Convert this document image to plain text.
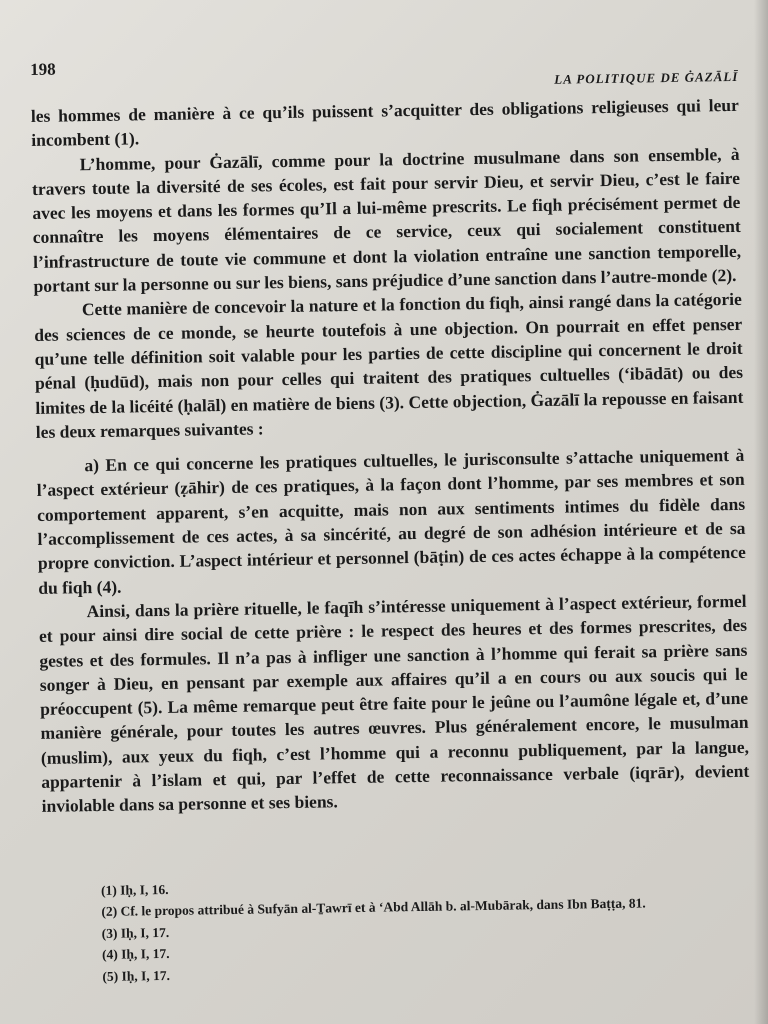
198	LA POLITIQUE DE ĠAZĀLĪ

les hommes de manière à ce qu’ils puissent s’acquitter des obligations religieuses qui leur incombent (1).

L’homme, pour Ġazālī, comme pour la doctrine musulmane dans son ensemble, à travers toute la diversité de ses écoles, est fait pour servir Dieu, et servir Dieu, c’est le faire avec les moyens et dans les formes qu’Il a lui-même prescrits. Le fiqh précisément permet de connaître les moyens élémentaires de ce service, ceux qui socialement constituent l’infrastructure de toute vie commune et dont la violation entraîne une sanction temporelle, portant sur la personne ou sur les biens, sans préjudice d’une sanction dans l’autre-monde (2).

Cette manière de concevoir la nature et la fonction du fiqh, ainsi rangé dans la catégorie des sciences de ce monde, se heurte toutefois à une objection. On pourrait en effet penser qu’une telle définition soit valable pour les parties de cette discipline qui concernent le droit pénal (ḥudūd), mais non pour celles qui traitent des pratiques cultuelles (‘ibādāt) ou des limites de la licéité (ḥalāl) en matière de biens (3). Cette objection, Ġazālī la repousse en faisant les deux remarques suivantes :

a) En ce qui concerne les pratiques cultuelles, le jurisconsulte s’attache uniquement à l’aspect extérieur (ẓāhir) de ces pratiques, à la façon dont l’homme, par ses membres et son comportement apparent, s’en acquitte, mais non aux sentiments intimes du fidèle dans l’accomplissement de ces actes, à sa sincérité, au degré de son adhésion intérieure et de sa propre conviction. L’aspect intérieur et personnel (bāṭin) de ces actes échappe à la compétence du fiqh (4).

Ainsi, dans la prière rituelle, le faqīh s’intéresse uniquement à l’aspect extérieur, formel et pour ainsi dire social de cette prière : le respect des heures et des formes prescrites, des gestes et des formules. Il n’a pas à infliger une sanction à l’homme qui ferait sa prière sans songer à Dieu, en pensant par exemple aux affaires qu’il a en cours ou aux soucis qui le préoccupent (5). La même remarque peut être faite pour le jeûne ou l’aumône légale et, d’une manière générale, pour toutes les autres œuvres. Plus généralement encore, le musulman (muslim), aux yeux du fiqh, c’est l’homme qui a reconnu publiquement, par la langue, appartenir à l’islam et qui, par l’effet de cette reconnaissance verbale (iqrār), devient inviolable dans sa personne et ses biens.

(1) Iḥ, I, 16.
(2) Cf. le propos attribué à Sufyān al-Ṯawrī et à ‘Abd Allāh b. al-Mubārak, dans Ibn Baṭṭa, 81.
(3) Iḥ, I, 17.
(4) Iḥ, I, 17.
(5) Iḥ, I, 17.
